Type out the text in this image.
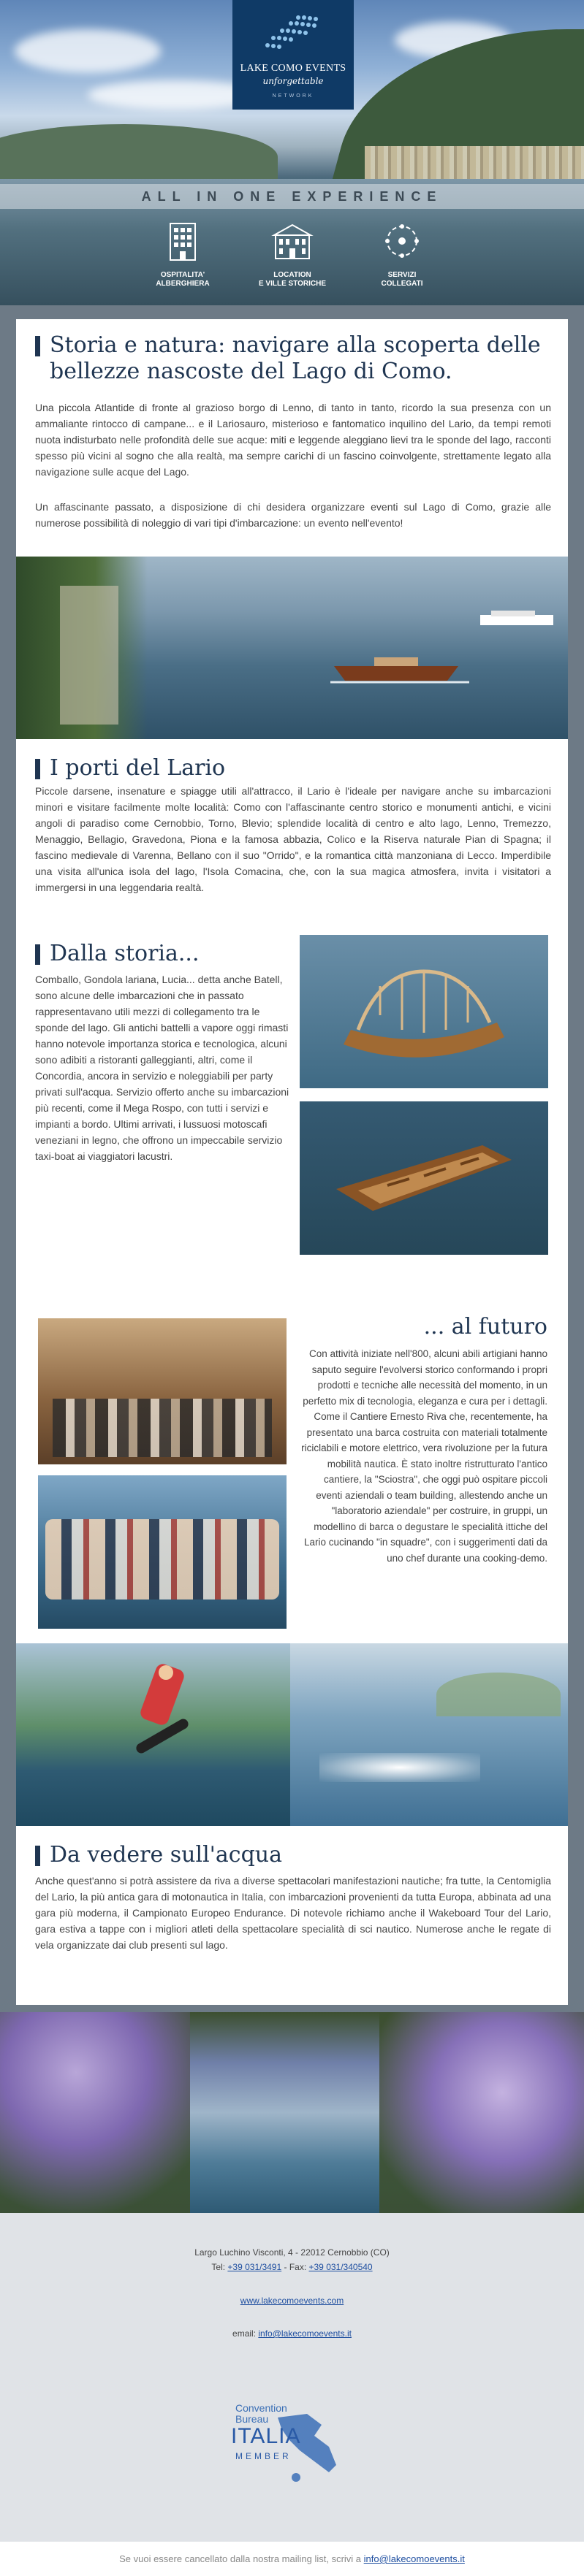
LAKE COMO EVENTS
unforgettable
NETWORK
ALL IN ONE EXPERIENCE
OSPITALITA'
ALBERGHIERA
LOCATION
E VILLE STORICHE
SERVIZI
COLLEGATI
Storia e natura: navigare alla scoperta delle bellezze nascoste del Lago di Como.
Una piccola Atlantide di fronte al grazioso borgo di Lenno, di tanto in tanto, ricordo la sua presenza con un ammaliante rintocco di campane... e il Lariosauro, misterioso e fantomatico inquilino del Lario, da tempi remoti nuota indisturbato nelle profondità delle sue acque: miti e leggende aleggiano lievi tra le sponde del lago, racconti spesso più vicini al sogno che alla realtà, ma sempre carichi di un fascino coinvolgente, strettamente legato alla navigazione sulle acque del Lago.
Un affascinante passato, a disposizione di chi desidera organizzare eventi sul Lago di Como, grazie alle numerose possibilità di noleggio di vari tipi d'imbarcazione: un evento nell'evento!
I porti del Lario
Piccole darsene, insenature e spiagge utili all'attracco, il Lario è l'ideale per navigare anche su imbarcazioni minori e visitare facilmente molte località: Como con l'affascinante centro storico e monumenti antichi, e vicini angoli di paradiso come Cernobbio, Torno, Blevio; splendide località di centro e alto lago, Lenno, Tremezzo, Menaggio, Bellagio, Gravedona, Piona e la famosa abbazia, Colico e la Riserva naturale Pian di Spagna; il fascino medievale di Varenna, Bellano con il suo "Orrido", e la romantica città manzoniana di Lecco. Imperdibile una visita all'unica isola del lago, l'Isola Comacina, che, con la sua magica atmosfera, invita i visitatori a immergersi in una leggendaria realtà.
Dalla storia...
Comballo, Gondola lariana, Lucia... detta anche Batell, sono alcune delle imbarcazioni che in passato rappresentavano utili mezzi di collegamento tra le sponde del lago. Gli antichi battelli a vapore oggi rimasti hanno notevole importanza storica e tecnologica, alcuni sono adibiti a ristoranti galleggianti, altri, come il Concordia, ancora in servizio e noleggiabili per party privati sull'acqua. Servizio offerto anche su imbarcazioni più recenti, come il Mega Rospo, con tutti i servizi e impianti a bordo. Ultimi arrivati, i lussuosi motoscafi veneziani in legno, che offrono un impeccabile servizio taxi-boat ai viaggiatori lacustri.
... al futuro
Con attività iniziate nell'800, alcuni abili artigiani hanno saputo seguire l'evolversi storico conformando i propri prodotti e tecniche alle necessità del momento, in un perfetto mix di tecnologia, eleganza e cura per i dettagli. Come il Cantiere Ernesto Riva che, recentemente, ha presentato una barca costruita con materiali totalmente riciclabili e motore elettrico, vera rivoluzione per la futura mobilità nautica. È stato inoltre ristrutturato l'antico cantiere, la "Sciostra", che oggi può ospitare piccoli eventi aziendali o team building, allestendo anche un "laboratorio aziendale" per costruire, in gruppi, un modellino di barca o degustare le specialità ittiche del Lario cucinando "in squadre", con i suggerimenti dati da uno chef durante una cooking-demo.
Da vedere sull'acqua
Anche quest'anno si potrà assistere da riva a diverse spettacolari manifestazioni nautiche; fra tutte, la Centomiglia del Lario, la più antica gara di motonautica in Italia, con imbarcazioni provenienti da tutta Europa, abbinata ad una gara più moderna, il Campionato Europeo Endurance. Di notevole richiamo anche il Wakeboard Tour del Lario, gara estiva a tappe con i migliori atleti della spettacolare specialità di sci nautico. Numerose anche le regate di vela organizzate dai club presenti sul lago.
Largo Luchino Visconti, 4 - 22012 Cernobbio (CO)
Tel: +39 031/3491 - Fax: +39 031/340540
www.lakecomoevents.com
email: info@lakecomoevents.it
Convention
Bureau
ITALIA
MEMBER
Se vuoi essere cancellato dalla nostra mailing list, scrivi a info@lakecomoevents.it
